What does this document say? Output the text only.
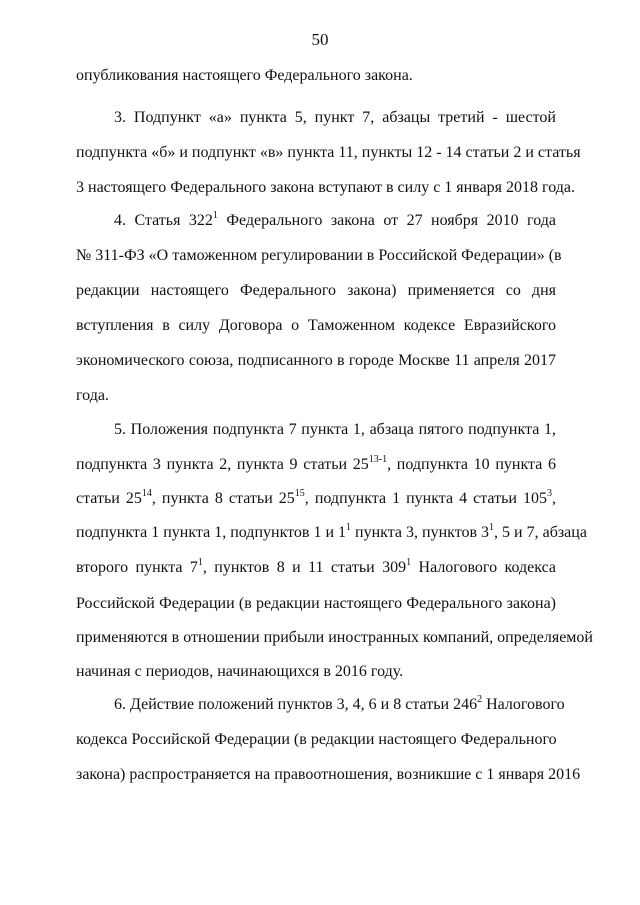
50
опубликования настоящего Федерального закона.
3. Подпункт «а» пункта 5, пункт 7, абзацы третий - шестой
подпункта «б» и подпункт «в» пункта 11, пункты 12 - 14 статьи 2 и статья
3 настоящего Федерального закона вступают в силу с 1 января 2018 года.
4. Статья $322^1$ Федерального закона от 27 ноября 2010 года
№ 311-ФЗ «О таможенном регулировании в Российской Федерации» (в
редакции настоящего Федерального закона) применяется со дня
вступления в силу Договора о Таможенном кодексе Евразийского
экономического союза, подписанного в городе Москве 11 апреля 2017
года.
5. Положения подпункта 7 пункта 1, абзаца пятого подпункта 1,
подпункта 3 пункта 2, пункта 9 статьи 25$^{13-1}$, подпункта 10 пункта 6
статьи $25^{14}$, пункта 8 статьи $25^{15}$, подпункта 1 пункта 4 статьи $105^3$,
подпункта 1 пункта 1, подпунктов 1 и $1^1$ пункта 3, пунктов $3^1$, 5 и 7, абзаца
второго пункта $7^1$, пунктов 8 и 11 статьи $309^1$ Налогового кодекса
Российской Федерации (в редакции настоящего Федерального закона)
применяются в отношении прибыли иностранных компаний, определяемой
начиная с периодов, начинающихся в 2016 году.
6. Действие положений пунктов 3, 4, 6 и 8 статьи $246^2$ Налогового
кодекса Российской Федерации (в редакции настоящего Федерального
закона) распространяется на правоотношения, возникшие с 1 января 2016
